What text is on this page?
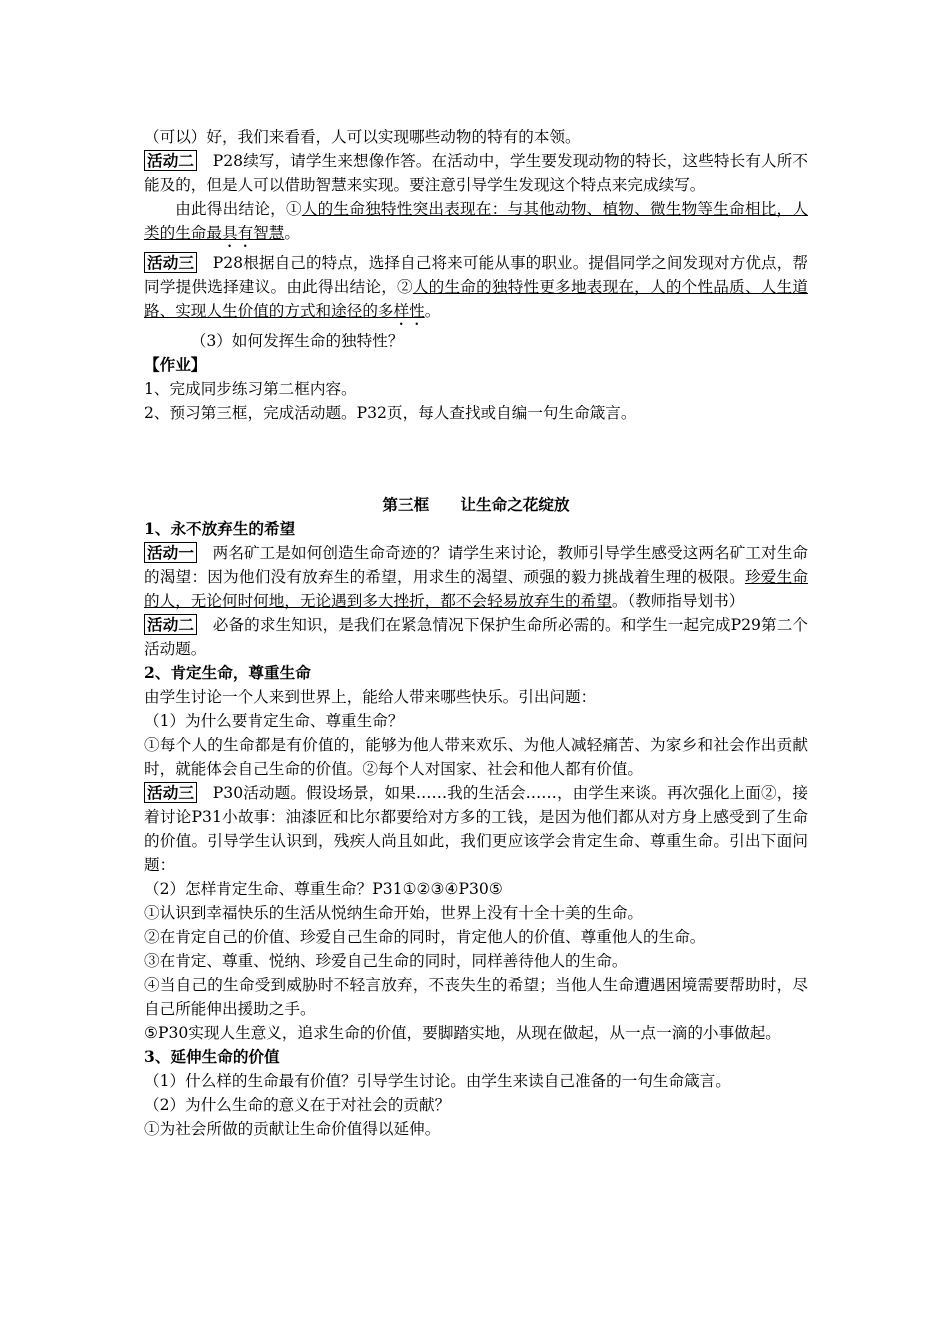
（可以）好，我们来看看，人可以实现哪些动物的特有的本领。

活动二　P28续写，请学生来想像作答。在活动中，学生要发现动物的特长，这些特长有人所不能及的，但是人可以借助智慧来实现。要注意引导学生发现这个特点来完成续写。

由此得出结论，①人的生命独特性突出表现在：与其他动物、植物、微生物等生命相比，人类的生命最具有智慧。

活动三　P28根据自己的特点，选择自己将来可能从事的职业。提倡同学之间发现对方优点，帮同学提供选择建议。由此得出结论，②人的生命的独特性更多地表现在，人的个性品质、人生道路、实现人生价值的方式和途径的多样性。

（3）如何发挥生命的独特性？

【作业】

1、完成同步练习第二框内容。

2、预习第三框，完成活动题。P32页，每人查找或自编一句生命箴言。

第三框 让生命之花绽放

1、永不放弃生的希望

活动一　两名矿工是如何创造生命奇迹的？请学生来讨论，教师引导学生感受这两名矿工对生命的渴望：因为他们没有放弃生的希望，用求生的渴望、顽强的毅力挑战着生理的极限。珍爱生命的人，无论何时何地，无论遇到多大挫折，都不会轻易放弃生的希望。（教师指导划书）

活动二　必备的求生知识，是我们在紧急情况下保护生命所必需的。和学生一起完成P29第二个活动题。

2、肯定生命，尊重生命

由学生讨论一个人来到世界上，能给人带来哪些快乐。引出问题：

（1）为什么要肯定生命、尊重生命？

①每个人的生命都是有价值的，能够为他人带来欢乐、为他人减轻痛苦、为家乡和社会作出贡献时，就能体会自己生命的价值。②每个人对国家、社会和他人都有价值。

活动三　P30活动题。假设场景，如果……我的生活会……，由学生来谈。再次强化上面②，接着讨论P31小故事：油漆匠和比尔都要给对方多的工钱，是因为他们都从对方身上感受到了生命的价值。引导学生认识到，残疾人尚且如此，我们更应该学会肯定生命、尊重生命。引出下面问题：

（2）怎样肯定生命、尊重生命？P31①②③④P30⑤

①认识到幸福快乐的生活从悦纳生命开始，世界上没有十全十美的生命。

②在肯定自己的价值、珍爱自己生命的同时，肯定他人的价值、尊重他人的生命。

③在肯定、尊重、悦纳、珍爱自己生命的同时，同样善待他人的生命。

④当自己的生命受到威胁时不轻言放弃，不丧失生的希望；当他人生命遭遇困境需要帮助时，尽自己所能伸出援助之手。

⑤P30实现人生意义，追求生命的价值，要脚踏实地，从现在做起，从一点一滴的小事做起。

3、延伸生命的价值

（1）什么样的生命最有价值？引导学生讨论。由学生来读自己准备的一句生命箴言。

（2）为什么生命的意义在于对社会的贡献？

①为社会所做的贡献让生命价值得以延伸。
